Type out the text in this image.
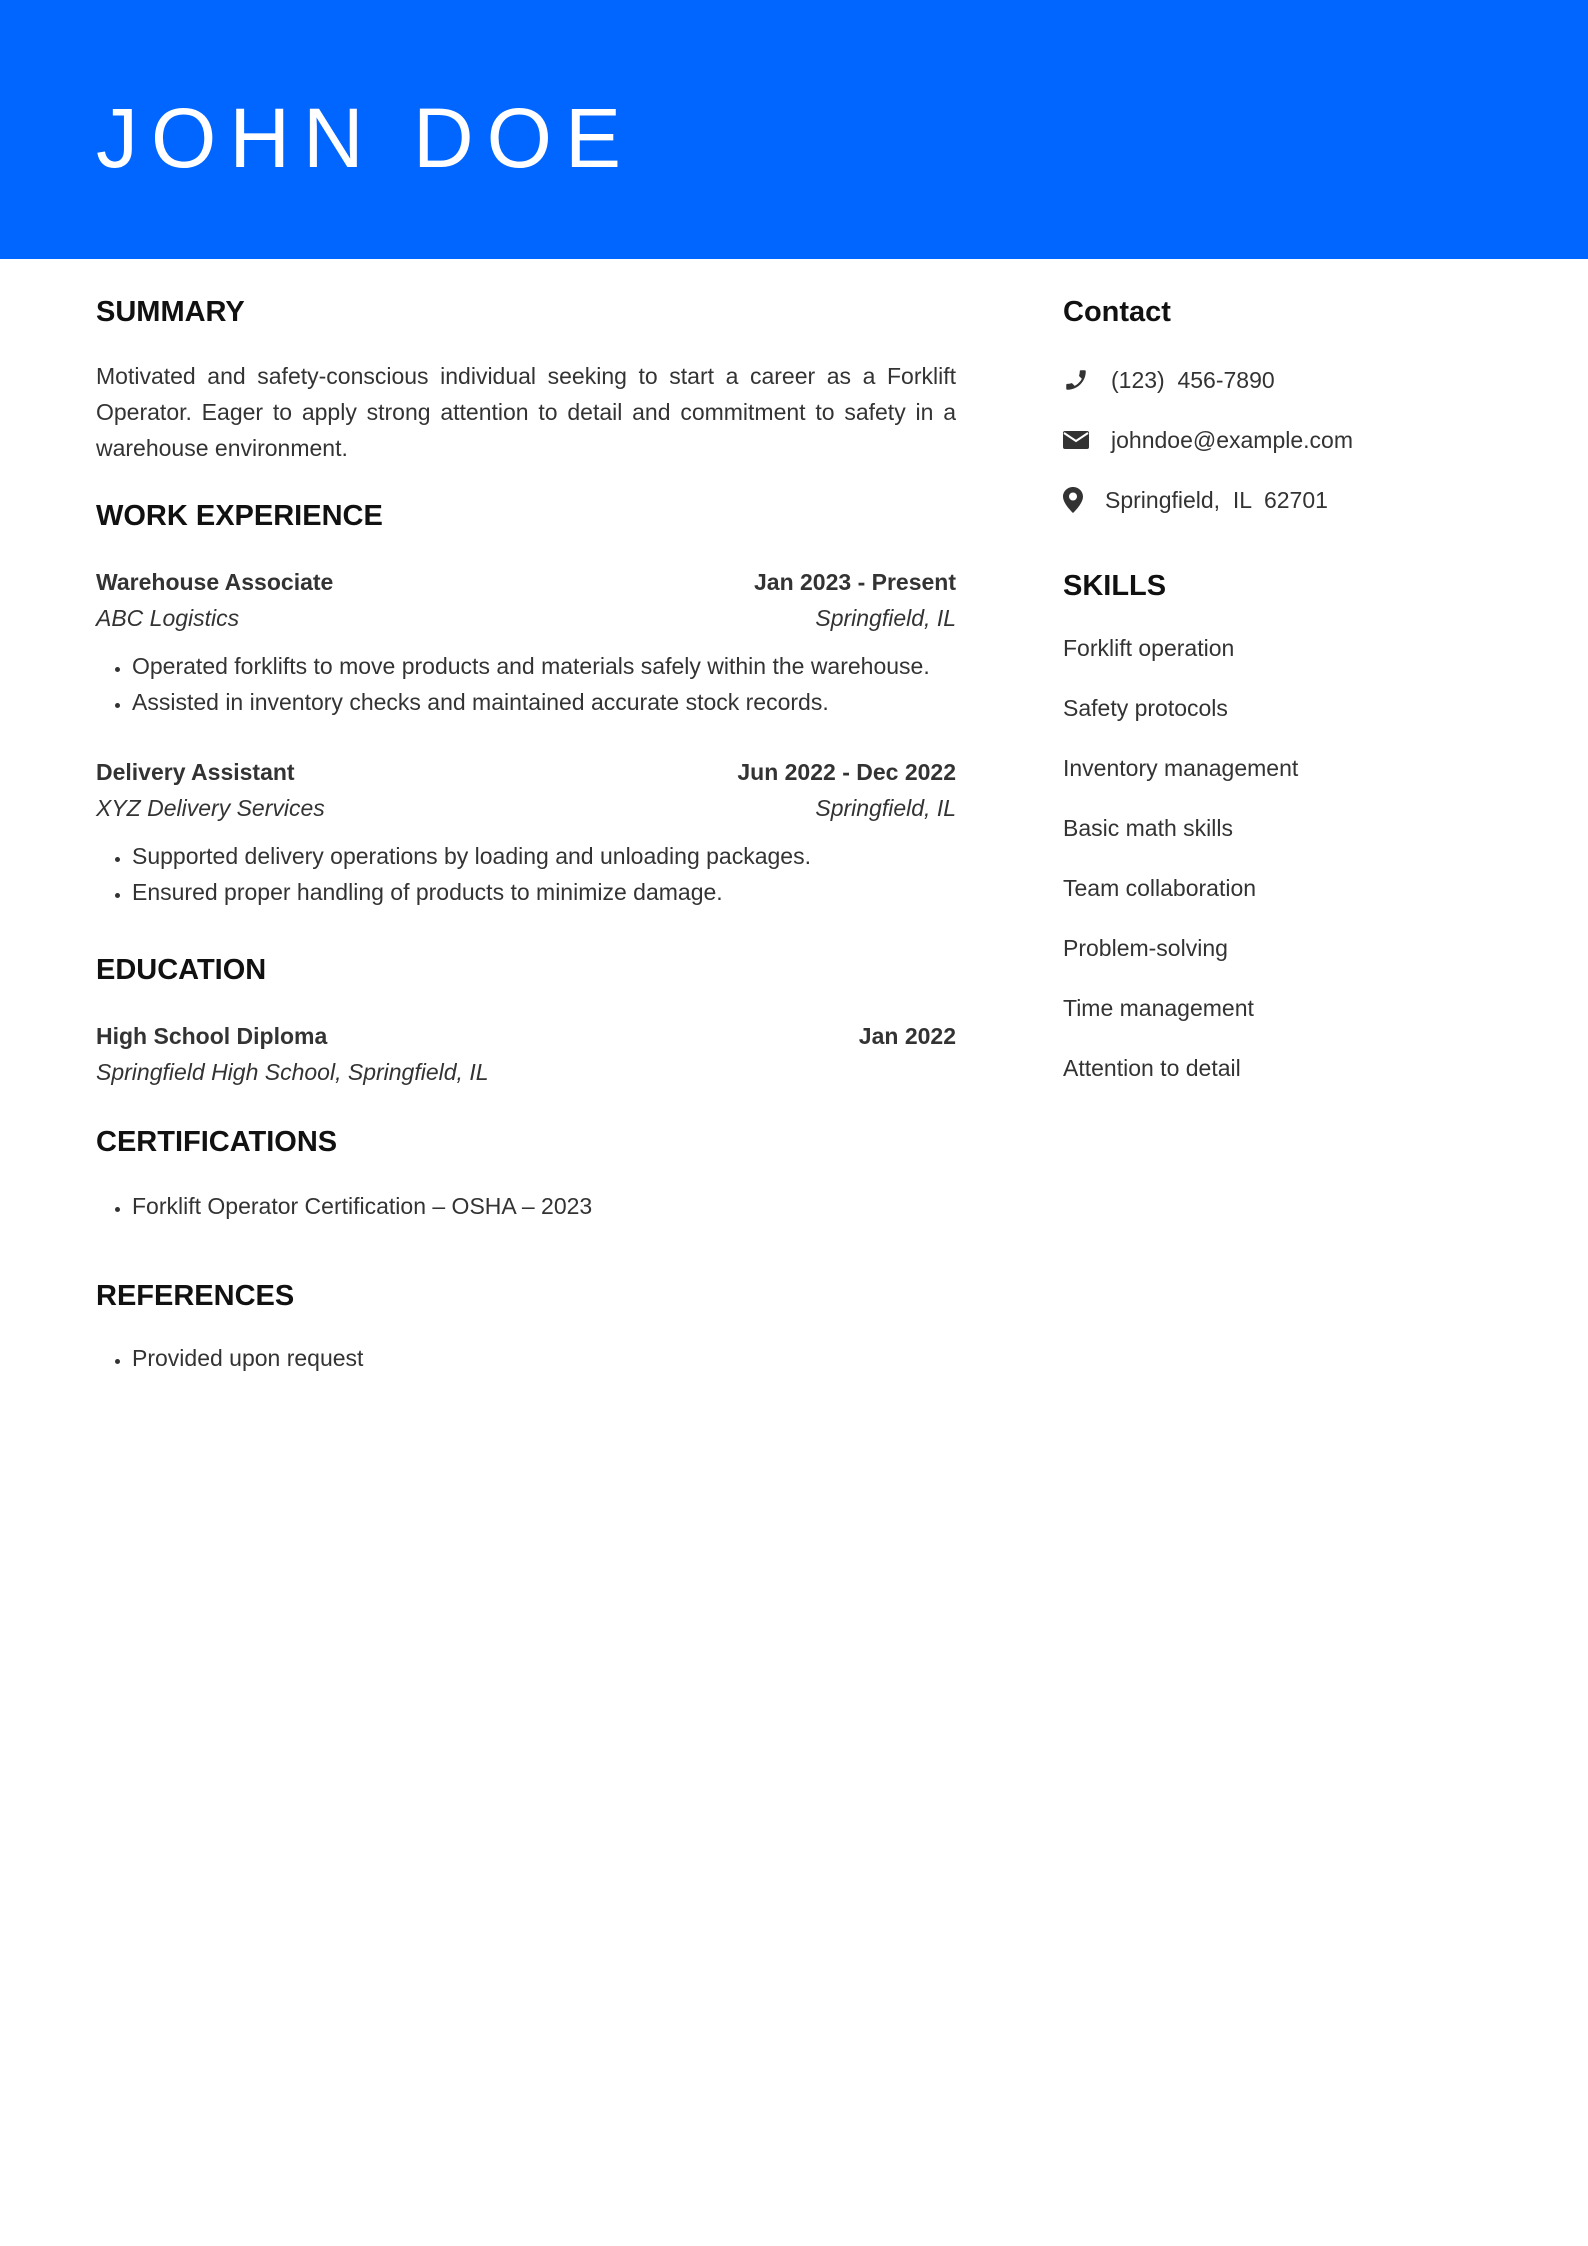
JOHN DOE
SUMMARY

Motivated and safety-conscious individual seeking to start a career as a Forklift Operator. Eager to apply strong attention to detail and commitment to safety in a warehouse environment.

WORK EXPERIENCE
Warehouse Associate	Jan 2023 - Present
ABC Logistics	Springfield, IL
• Operated forklifts to move products and materials safely within the warehouse.
• Assisted in inventory checks and maintained accurate stock records.
Delivery Assistant	Jun 2022 - Dec 2022
XYZ Delivery Services	Springfield, IL
• Supported delivery operations by loading and unloading packages.
• Ensured proper handling of products to minimize damage.
EDUCATION
High School Diploma	Jan 2022
Springfield High School, Springfield, IL
CERTIFICATIONS
• Forklift Operator Certification – OSHA – 2023
REFERENCES
• Provided upon request
Contact
(123)  456-7890
johndoe@example.com
Springfield,  IL  62701
SKILLS
Forklift operation
Safety protocols
Inventory management
Basic math skills
Team collaboration
Problem-solving
Time management
Attention to detail
